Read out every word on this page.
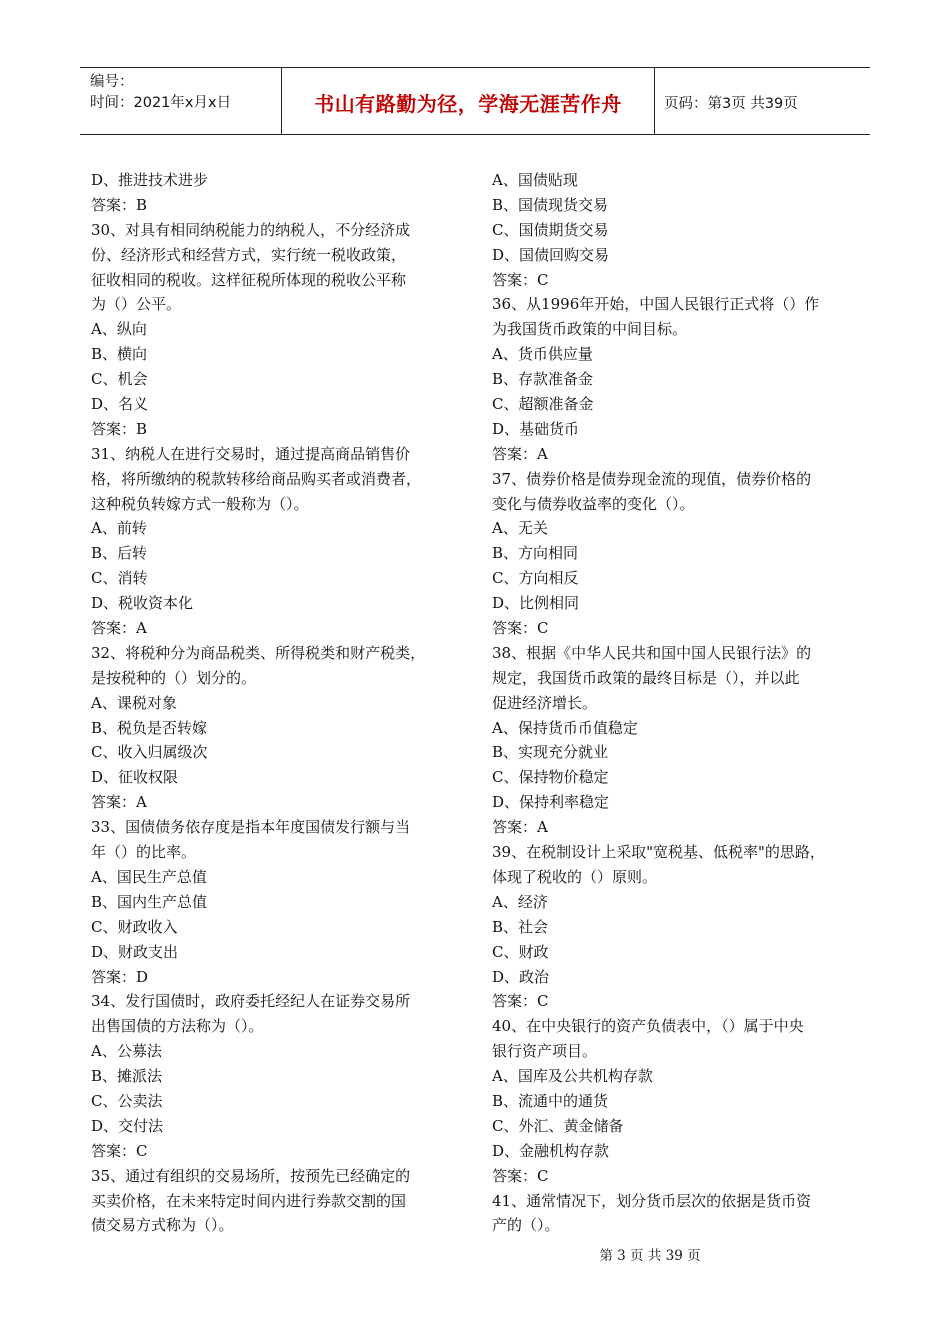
编号：
时间：2021年x月x日	书山有路勤为径，学海无涯苦作舟	页码：第3页 共39页
D、推进技术进步
答案：B
30、对具有相同纳税能力的纳税人，不分经济成
份、经济形式和经营方式，实行统一税收政策，
征收相同的税收。这样征税所体现的税收公平称
为（）公平。
A、纵向
B、横向
C、机会
D、名义
答案：B
31、纳税人在进行交易时，通过提高商品销售价
格，将所缴纳的税款转移给商品购买者或消费者，
这种税负转嫁方式一般称为（）。
A、前转
B、后转
C、消转
D、税收资本化
答案：A
32、将税种分为商品税类、所得税类和财产税类，
是按税种的（）划分的。
A、课税对象
B、税负是否转嫁
C、收入归属级次
D、征收权限
答案：A
33、国债债务依存度是指本年度国债发行额与当
年（）的比率。
A、国民生产总值
B、国内生产总值
C、财政收入
D、财政支出
答案：D
34、发行国债时，政府委托经纪人在证券交易所
出售国债的方法称为（）。
A、公募法
B、摊派法
C、公卖法
D、交付法
答案：C
35、通过有组织的交易场所，按预先已经确定的
买卖价格，在未来特定时间内进行券款交割的国
债交易方式称为（）。
A、国债贴现
B、国债现货交易
C、国债期货交易
D、国债回购交易
答案：C
36、从1996年开始，中国人民银行正式将（）作
为我国货币政策的中间目标。
A、货币供应量
B、存款准备金
C、超额准备金
D、基础货币
答案：A
37、债券价格是债券现金流的现值，债券价格的
变化与债券收益率的变化（）。
A、无关
B、方向相同
C、方向相反
D、比例相同
答案：C
38、根据《中华人民共和国中国人民银行法》的
规定，我国货币政策的最终目标是（），并以此
促进经济增长。
A、保持货币币值稳定
B、实现充分就业
C、保持物价稳定
D、保持利率稳定
答案：A
39、在税制设计上采取"宽税基、低税率"的思路，
体现了税收的（）原则。
A、经济
B、社会
C、财政
D、政治
答案：C
40、在中央银行的资产负债表中，（）属于中央
银行资产项目。
A、国库及公共机构存款
B、流通中的通货
C、外汇、黄金储备
D、金融机构存款
答案：C
41、通常情况下，划分货币层次的依据是货币资
产的（）。
第 3 页 共 39 页
